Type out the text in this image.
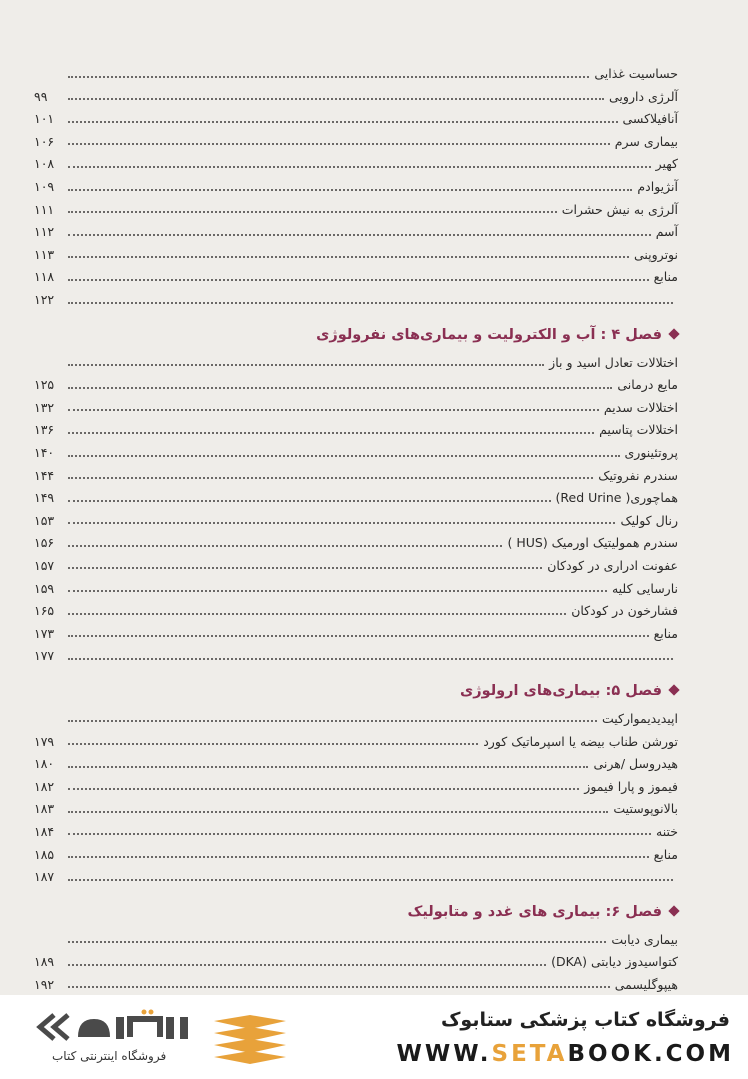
حساسیت غذایی
آلرژی دارویی
۹۹
آنافیلاکسی
۱۰۱
بیماری سرم
۱۰۶
کهیر
۱۰۸
آنژیوادم
۱۰۹
آلرژی به نیش حشرات
۱۱۱
آسم
۱۱۲
نوتروپنی
۱۱۳
منابع
۱۱۸
۱۲۲
فصل ۴ : آب و الکترولیت و بیماری‌های نفرولوژی
اختلالات تعادل اسید و باز
مایع درمانی
۱۲۵
اختلالات سدیم
۱۳۲
اختلالات پتاسیم
۱۳۶
پروتئینوری
۱۴۰
سندرم نفروتیک
۱۴۴
هماچوری( Red Urine)
۱۴۹
رنال کولیک
۱۵۳
سندرم همولیتیک اورمیک (HUS )
۱۵۶
عفونت ادراری در کودکان
۱۵۷
نارسایی کلیه
۱۵۹
فشارخون در کودکان
۱۶۵
منابع
۱۷۳
۱۷۷
فصل ۵: بیماری‌های ارولوژی
اپیدیدیموارکیت
تورشن طناب بیضه یا اسپرماتیک کورد
۱۷۹
هیدروسل /هرنی
۱۸۰
فیموز و پارا فیموز
۱۸۲
بالانوپوستیت
۱۸۳
ختنه
۱۸۴
منابع
۱۸۵
۱۸۷
فصل ۶: بیماری های غدد و متابولیک
بیماری دیابت
کتواسیدوز دیابتی (DKA)
۱۸۹
هیپوگلیسمی
۱۹۲
فروشگاه کتاب پزشکی ستابوک
WWW.SETABOOK.COM
فروشگاه اینترنتی کتاب
